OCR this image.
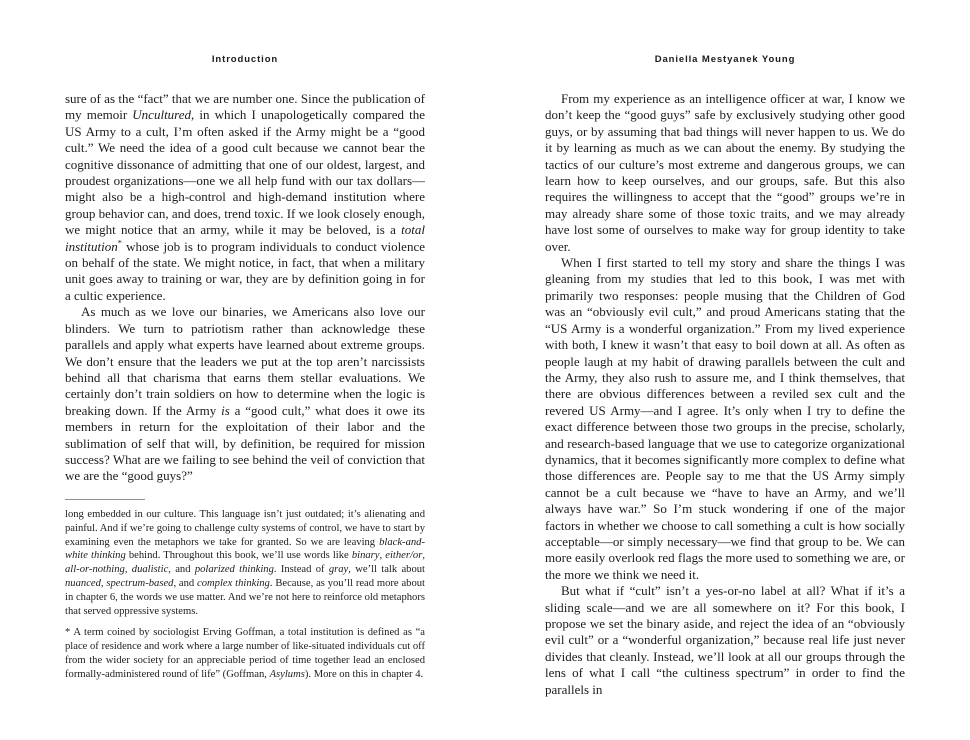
Introduction

sure of as the “fact” that we are number one. Since the publication of my memoir Uncultured, in which I unapologetically compared the US Army to a cult, I’m often asked if the Army might be a “good cult.” We need the idea of a good cult because we cannot bear the cognitive dissonance of admitting that one of our oldest, largest, and proudest organizations—one we all help fund with our tax dollars—might also be a high-control and high-demand institution where group behavior can, and does, trend toxic. If we look closely enough, we might notice that an army, while it may be beloved, is a total institution* whose job is to program individuals to conduct violence on behalf of the state. We might notice, in fact, that when a military unit goes away to training or war, they are by definition going in for a cultic experience.

As much as we love our binaries, we Americans also love our blinders. We turn to patriotism rather than acknowledge these parallels and apply what experts have learned about extreme groups. We don’t ensure that the leaders we put at the top aren’t narcissists behind all that charisma that earns them stellar evaluations. We certainly don’t train soldiers on how to determine when the logic is breaking down. If the Army is a “good cult,” what does it owe its members in return for the exploitation of their labor and the sublimation of self that will, by definition, be required for mission success? What are we failing to see behind the veil of conviction that we are the “good guys?”

long embedded in our culture. This language isn’t just outdated; it’s alienating and painful. And if we’re going to challenge culty systems of control, we have to start by examining even the metaphors we take for granted. So we are leaving black-and-white thinking behind. Throughout this book, we’ll use words like binary, either/or, all-or-nothing, dualistic, and polarized thinking. Instead of gray, we’ll talk about nuanced, spectrum-based, and complex thinking. Because, as you’ll read more about in chapter 6, the words we use matter. And we’re not here to reinforce old metaphors that served oppressive systems.

* A term coined by sociologist Erving Goffman, a total institution is defined as “a place of residence and work where a large number of like-situated individuals cut off from the wider society for an appreciable period of time together lead an enclosed formally-administered round of life” (Goffman, Asylums). More on this in chapter 4.

Daniella Mestyanek Young

From my experience as an intelligence officer at war, I know we don’t keep the “good guys” safe by exclusively studying other good guys, or by assuming that bad things will never happen to us. We do it by learning as much as we can about the enemy. By studying the tactics of our culture’s most extreme and dangerous groups, we can learn how to keep ourselves, and our groups, safe. But this also requires the willingness to accept that the “good” groups we’re in may already share some of those toxic traits, and we may already have lost some of ourselves to make way for group identity to take over.

When I first started to tell my story and share the things I was gleaning from my studies that led to this book, I was met with primarily two responses: people musing that the Children of God was an “obviously evil cult,” and proud Americans stating that the “US Army is a wonderful organization.” From my lived experience with both, I knew it wasn’t that easy to boil down at all. As often as people laugh at my habit of drawing parallels between the cult and the Army, they also rush to assure me, and I think themselves, that there are obvious differences between a reviled sex cult and the revered US Army—and I agree. It’s only when I try to define the exact difference between those two groups in the precise, scholarly, and research-based language that we use to categorize organizational dynamics, that it becomes significantly more complex to define what those differences are. People say to me that the US Army simply cannot be a cult because we “have to have an Army, and we’ll always have war.” So I’m stuck wondering if one of the major factors in whether we choose to call something a cult is how socially acceptable—or simply necessary—we find that group to be. We can more easily overlook red flags the more used to something we are, or the more we think we need it.

But what if “cult” isn’t a yes-or-no label at all? What if it’s a sliding scale—and we are all somewhere on it? For this book, I propose we set the binary aside, and reject the idea of an “obviously evil cult” or a “wonderful organization,” because real life just never divides that cleanly. Instead, we’ll look at all our groups through the lens of what I call “the cultiness spectrum” in order to find the parallels in
